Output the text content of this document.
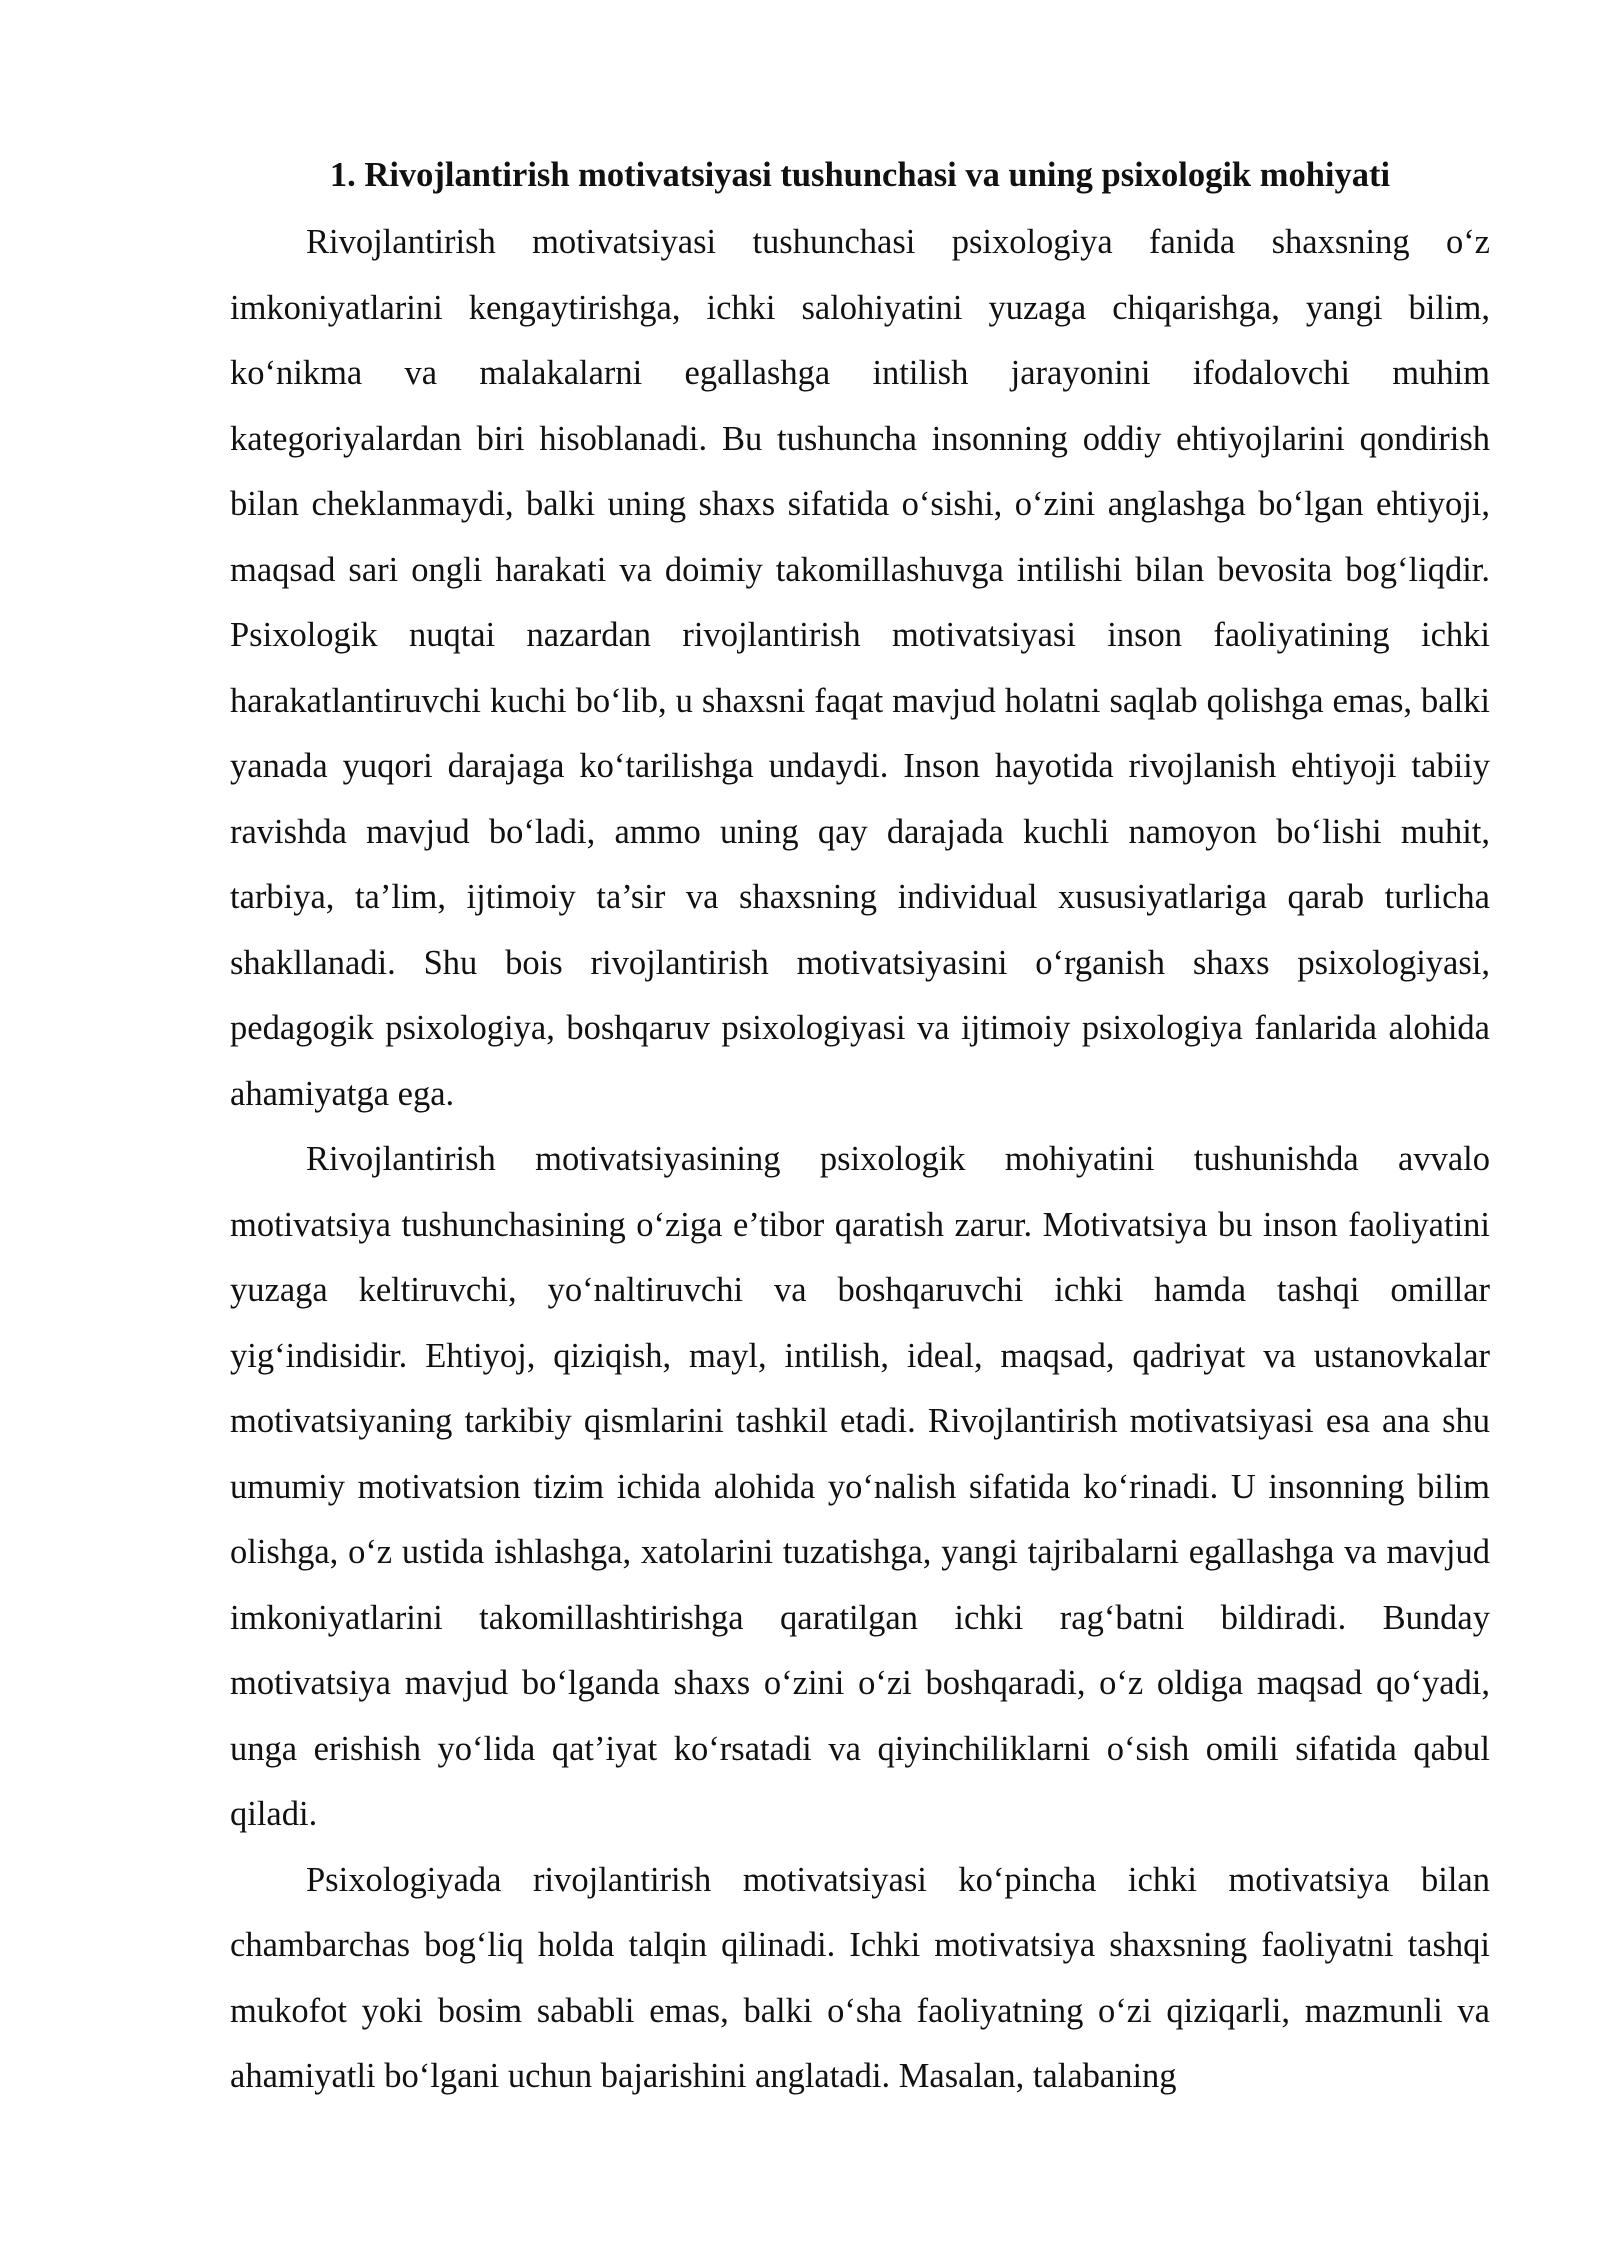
1. Rivojlantirish motivatsiyasi tushunchasi va uning psixologik mohiyati

Rivojlantirish motivatsiyasi tushunchasi psixologiya fanida shaxsning o‘z imkoniyatlarini kengaytirishga, ichki salohiyatini yuzaga chiqarishga, yangi bilim, ko‘nikma va malakalarni egallashga intilish jarayonini ifodalovchi muhim kategoriyalardan biri hisoblanadi. Bu tushuncha insonning oddiy ehtiyojlarini qondirish bilan cheklanmaydi, balki uning shaxs sifatida o‘sishi, o‘zini anglashga bo‘lgan ehtiyoji, maqsad sari ongli harakati va doimiy takomillashuvga intilishi bilan bevosita bog‘liqdir. Psixologik nuqtai nazardan rivojlantirish motivatsiyasi inson faoliyatining ichki harakatlantiruvchi kuchi bo‘lib, u shaxsni faqat mavjud holatni saqlab qolishga emas, balki yanada yuqori darajaga ko‘tarilishga undaydi. Inson hayotida rivojlanish ehtiyoji tabiiy ravishda mavjud bo‘ladi, ammo uning qay darajada kuchli namoyon bo‘lishi muhit, tarbiya, ta’lim, ijtimoiy ta’sir va shaxsning individual xususiyatlariga qarab turlicha shakllanadi. Shu bois rivojlantirish motivatsiyasini o‘rganish shaxs psixologiyasi, pedagogik psixologiya, boshqaruv psixologiyasi va ijtimoiy psixologiya fanlarida alohida ahamiyatga ega.

Rivojlantirish motivatsiyasining psixologik mohiyatini tushunishda avvalo motivatsiya tushunchasining o‘ziga e’tibor qaratish zarur. Motivatsiya bu inson faoliyatini yuzaga keltiruvchi, yo‘naltiruvchi va boshqaruvchi ichki hamda tashqi omillar yig‘indisidir. Ehtiyoj, qiziqish, mayl, intilish, ideal, maqsad, qadriyat va ustanovkalar motivatsiyaning tarkibiy qismlarini tashkil etadi. Rivojlantirish motivatsiyasi esa ana shu umumiy motivatsion tizim ichida alohida yo‘nalish sifatida ko‘rinadi. U insonning bilim olishga, o‘z ustida ishlashga, xatolarini tuzatishga, yangi tajribalarni egallashga va mavjud imkoniyatlarini takomillashtirishga qaratilgan ichki rag‘batni bildiradi. Bunday motivatsiya mavjud bo‘lganda shaxs o‘zini o‘zi boshqaradi, o‘z oldiga maqsad qo‘yadi, unga erishish yo‘lida qat’iyat ko‘rsatadi va qiyinchiliklarni o‘sish omili sifatida qabul qiladi.

Psixologiyada rivojlantirish motivatsiyasi ko‘pincha ichki motivatsiya bilan chambarchas bog‘liq holda talqin qilinadi. Ichki motivatsiya shaxsning faoliyatni tashqi mukofot yoki bosim sababli emas, balki o‘sha faoliyatning o‘zi qiziqarli, mazmunli va ahamiyatli bo‘lgani uchun bajarishini anglatadi. Masalan, talabaning
